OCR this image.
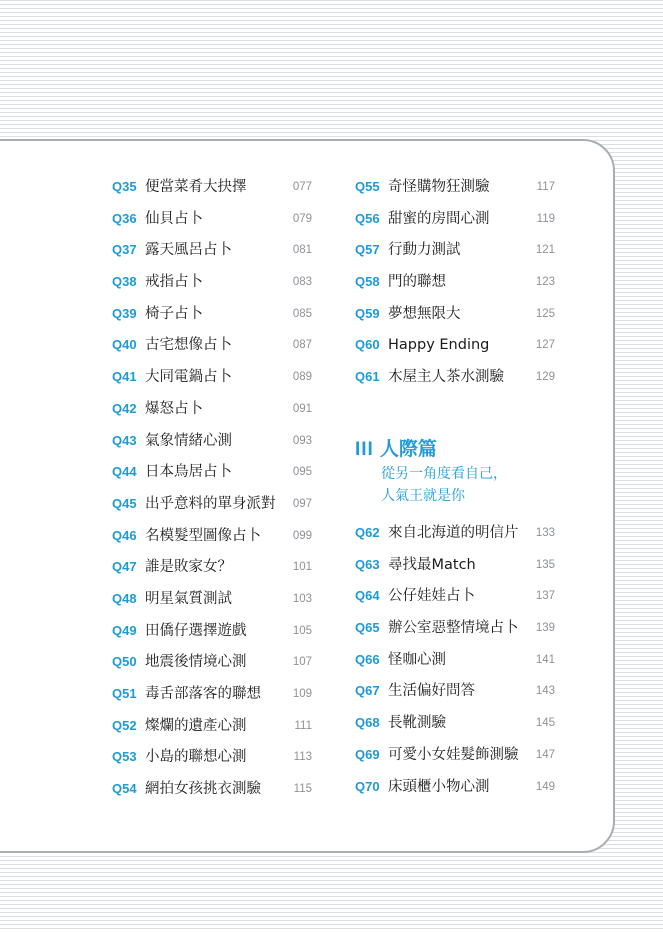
Q35 便當菜肴大抉擇	077
Q36 仙貝占卜	079
Q37 露天風呂占卜	081
Q38 戒指占卜	083
Q39 椅子占卜	085
Q40 古宅想像占卜	087
Q41 大同電鍋占卜	089
Q42 爆怒占卜	091
Q43 氣象情緒心測	093
Q44 日本鳥居占卜	095
Q45 出乎意料的單身派對 097
Q46 名模髮型圖像占卜	099
Q47 誰是敗家女？	101
Q48 明星氣質測試	103
Q49 田僑仔選擇遊戲	105
Q50 地震後情境心測	107
Q51 毒舌部落客的聯想	109
Q52 燦爛的遺產心測	111
Q53 小島的聯想心測	113
Q54 網拍女孩挑衣測驗	115
Q55 奇怪購物狂測驗	117
Q56 甜蜜的房間心測	119
Q57 行動力測試	121
Q58 門的聯想	123
Q59 夢想無限大	125
Q60 Happy Ending	127
Q61 木屋主人茶水測驗	129
III 人際篇
從另一角度看自己，
人氣王就是你
Q62 來自北海道的明信片 133
Q63 尋找最Match	135
Q64 公仔娃娃占卜	137
Q65 辦公室惡整情境占卜 139
Q66 怪咖心測	141
Q67 生活偏好問答	143
Q68 長靴測驗	145
Q69 可愛小女娃髮飾測驗 147
Q70 床頭櫃小物心測	149
